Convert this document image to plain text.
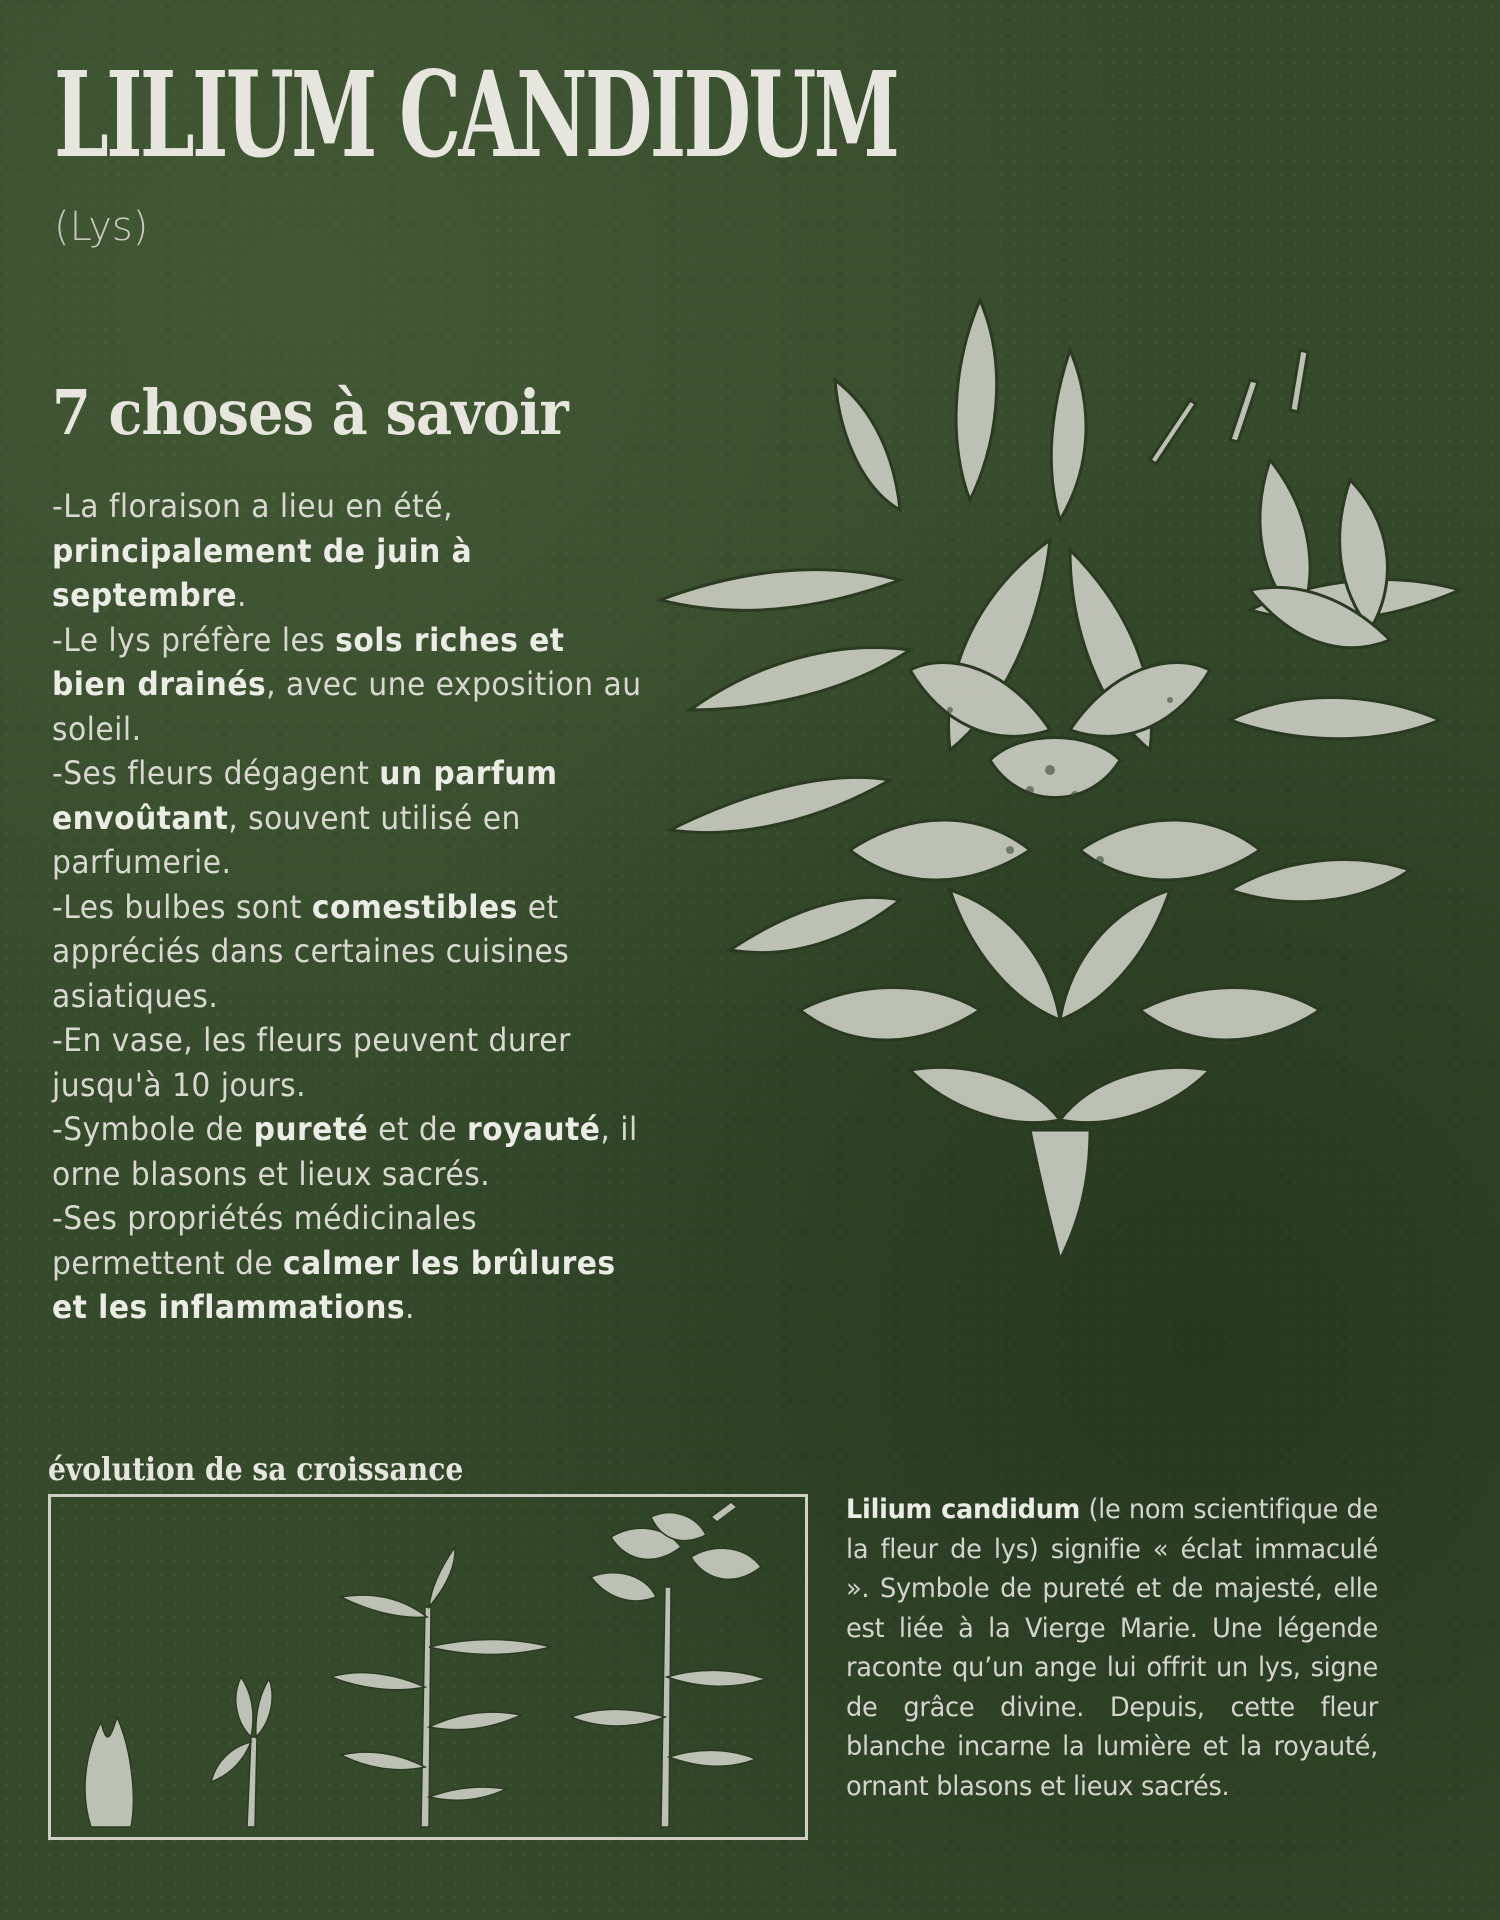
LILIUM CANDIDUM
(Lys)
7 choses à savoir

-La floraison a lieu en été, principalement de juin à septembre.

-Le lys préfère les sols riches et bien drainés, avec une exposition au soleil.

-Ses fleurs dégagent un parfum envoûtant, souvent utilisé en parfumerie.

-Les bulbes sont comestibles et appréciés dans certaines cuisines asiatiques.

-En vase, les fleurs peuvent durer jusqu'à 10 jours.

-Symbole de pureté et de royauté, il orne blasons et lieux sacrés.

-Ses propriétés médicinales permettent de calmer les brûlures et les inflammations.

évolution de sa croissance
Lilium candidum (le nom scientifique de la fleur de lys) signifie « éclat immaculé ». Symbole de pureté et de majesté, elle est liée à la Vierge Marie. Une légende raconte qu’un ange lui offrit un lys, signe de grâce divine. Depuis, cette fleur blanche incarne la lumière et la royauté, ornant blasons et lieux sacrés.
